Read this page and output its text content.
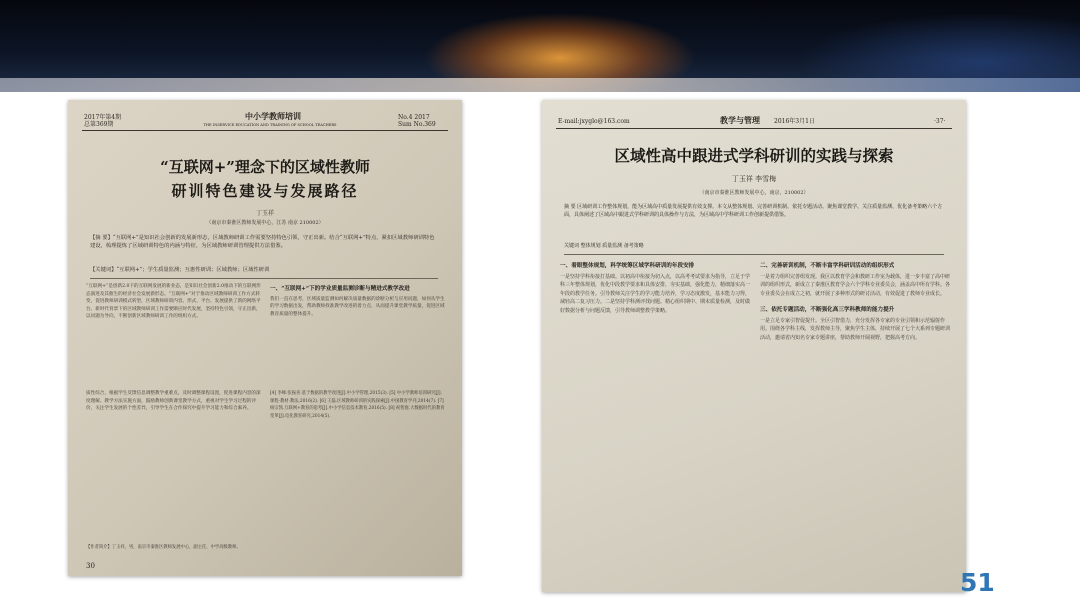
2017年第4期
总第369期
中小学教师培训
THE INSERVICE EDUCATION AND TRAINING OF SCHOOL TEACHERS
No.4 2017
Sum No.369
“互联网+”理念下的区域性教师
研训特色建设与发展路径
丁玉祥
（南京市秦淮区教师发展中心，江苏 南京 210002）
【摘 要】“互联网+”是知识社会创新的发展新形态，区域教师研训工作需要坚持特色引领、守正出新。结合“互联网+”特点，紧扣区域教师研训特色建设，梳理提炼了区域研训特色的内涵与特征，为区域教师研训管理提供方法借鉴。
【关键词】“互联网+”；学生质量监测；互惠性研训；区域教师；区域性研训
“互联网+”是创新2.0下的互联网发展的新业态，是知识社会创新2.0推动下的互联网形态演进及其催生的经济社会发展新形态。“互联网+”对于推动区域教师研训工作方式转变，促进教师研训模式转型，区域教师研训内容、形式、平台、发展提供了新的网络平台。新时代背景下的区域教师研训工作需要顺应时代发展，坚持特色引领，守正出新，以问题为导向，不断创新区域教师研训工作的组织方式。
一、“互联网+”下的学业质量监测诊断与精进式教学改进
我们一直在思考，区域质量监测如何解决质量数据的诊断分析与应用问题，如何从学生的学习数据出发，帮助教师找准教学改进的着力点，从而提升课堂教学质量，促进区域教育质量的整体提升。
质性综合，根据学生反馈信息调整教学重难点，及时调整课程设置，促进课程内容的深度理解。教学方法实施方面，鼓励教师创新课堂教学方式，重视对学生学习过程的评价，关注学生发展的个性差异，引导学生在合作探究中提升学习能力和综合素养。
[4] 李峰.张振喜.基于数据的教学改进[J].中小学管理,2015(3). [5] 中小学教师培训研究[J].课程·教材·教法,2016(2). [6] 王磊.区域教师研训的实践探索[J].中国教育学刊,2014(7). [7] 杨宗凯.互联网+教育的思考[J].中小学信息技术教育,2016(5). [8] 祝智庭.大数据时代的教育变革[J].电化教育研究,2014(5).
【作者简介】丁玉祥，男，南京市秦淮区教师发展中心，副主任，中学高级教师。
30
E-mail:jxyglo@163.com	教学与管理 2016年3月1日	·37·
区域性高中跟进式学科研训的实践与探索
丁玉祥 李雪梅
（南京市秦淮区教师发展中心，南京，210002）
摘 要 区域研训工作整体规划，能为区域高中质量发展提供有效支撑。本文从整体规划、完善研训机制、依托专题活动、聚焦课堂教学、关注质量监测、优化备考策略六个方面，具体阐述了区域高中跟进式学科研训的具体操作与方法，为区域高中学科研训工作创新提供借鉴。
关键词 整体规划 质量监测 备考策略
一、着眼整体规划，科学统筹区域学科研训的年段安排
一是坚持学科衔接打基础。以初高中衔接为切入点，以高考考试要求为指导，立足于学科三年整体规划，优化中段教学要求和具体安排，夯实基础，强化能力，精细落实高一年段的教学任务。引导教师关注学生的学习能力培养，学习态度激发，基本能力习得，减轻高二复习压力。二是坚持学科测评找问题。精心组织期中、期末质量检测，及时做好数据分析与问题反馈，引导教师调整教学策略。
二、完善研训机制，不断丰富学科研训活动的组织形式
一是着力组织完善组发现。我区以教育学会和教研工作室为载体，进一步丰富了高中研训的组织形式，新成立了秦淮区教育学会六个学科专业委员会，涵盖高中所有学科。各专业委员会在成立之初，就开展了多种形式的研讨活动，有效促进了教师专业成长。
三、依托专题活动，不断强化高三学科教师的能力提升
一是立足专家引智促提升。全区引智借力，充分发挥各专家的专业引领和示范辐射作用。围绕各学科主线，发挥教师主导，聚焦学生主体，持续开展了七个大系列专题研训活动，邀请省内知名专家专题讲座，帮助教师开阔视野，把握高考方向。
51
